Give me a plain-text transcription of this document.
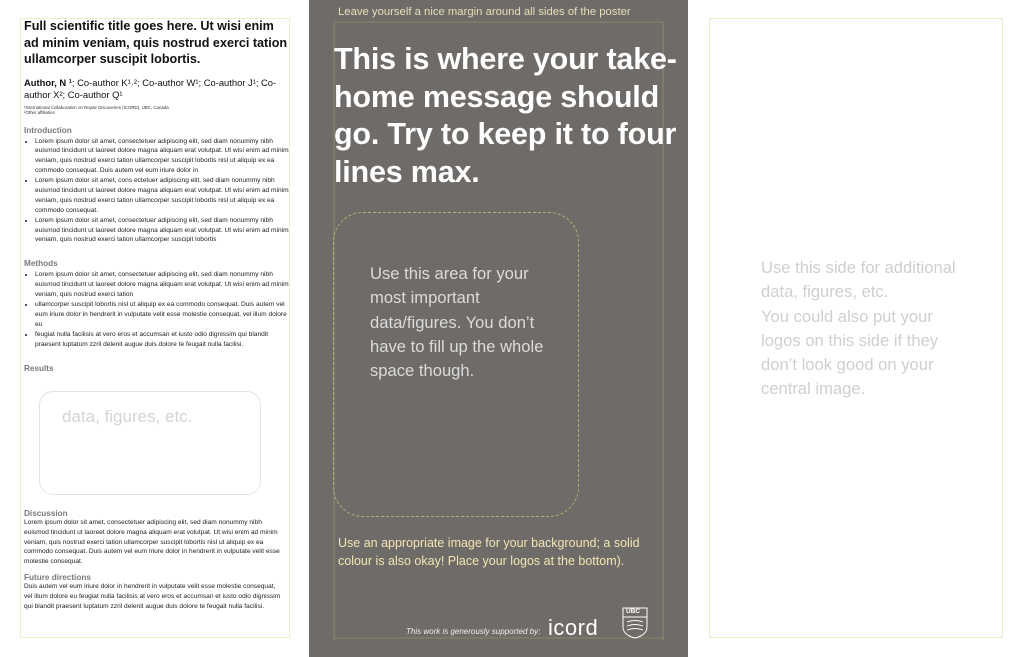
Full scientific title goes here. Ut wisi enim ad minim veniam, quis nostrud exerci tation ullamcorper suscipit lobortis.

Author, N ¹; Co-author K¹˒²; Co-author W¹; Co-author J¹; Co-author X²; Co-author Q¹
¹International Collaboration on Repair Discoveries (ICORD), UBC, Canada
²Other affiliation

Introduction

• Lorem ipsum dolor sit amet, consectetuer adipiscing elit, sed diam nonummy nibh euismod tincidunt ut laoreet dolore magna aliquam erat volutpat. Ut wisi enim ad minim veniam, quis nostrud exerci tation ullamcorper suscipit lobortis nisl ut aliquip ex ea commodo consequat. Duis autem vel eum iriure dolor in
• Lorem ipsum dolor sit amet, cons ectetuer adipiscing elit, sed diam nonummy nibh euismod tincidunt ut laoreet dolore magna aliquam erat volutpat. Ut wisi enim ad minim veniam, quis nostrud exerci tation ullamcorper suscipit lobortis nisl ut aliquip ex ea commodo consequat.
• Lorem ipsum dolor sit amet, consectetuer adipiscing elit, sed diam nonummy nibh euismod tincidunt ut laoreet dolore magna aliquam erat volutpat. Ut wisi enim ad minim veniam, quis nostrud exerci tation ullamcorper suscipit lobortis

Methods

• Lorem ipsum dolor sit amet, consectetuer adipiscing elit, sed diam nonummy nibh euismod tincidunt ut laoreet dolore magna aliquam erat volutpat. Ut wisi enim ad minim veniam, quis nostrud exerci tation
• ullamcorper suscipit lobortis nisl ut aliquip ex ea commodo consequat. Duis autem vel eum iriure dolor in hendrerit in vulputate velit esse molestie consequat, vel illum dolore eu
• feugiat nulla facilisis at vero eros et accumsan et iusto odio dignissim qui blandit praesent luptatum zzril delenit augue duis dolore te feugait nulla facilisi.

Results

data, figures, etc.

Discussion

Lorem ipsum dolor sit amet, consectetuer adipiscing elit, sed diam nonummy nibh euismod tincidunt ut laoreet dolore magna aliquam erat volutpat. Ut wisi enim ad minim veniam, quis nostrud exerci tation ullamcorper suscipit lobortis nisl ut aliquip ex ea commodo consequat. Duis autem vel eum iriure dolor in hendrerit in vulputate velit esse molestie consequat.

Future directions

Duis autem vel eum iriure dolor in hendrerit in vulputate velit esse molestie consequat, vel illum dolore eu feugiat nulla facilisis at vero eros et accumsan et iusto odio dignissim qui blandit praesent luptatum zzril delenit augue duis dolore te feugait nulla facilisi.
Leave yourself a nice margin around all sides of the poster

This is where your take-home message should go. Try to keep it to four lines max.

Use this area for your most important data/figures. You don’t have to fill up the whole space though.
Use an appropriate image for your background; a solid colour is also okay! Place your logos at the bottom).
This work is generously supported by: icord
UBC
Use this side for additional data, figures, etc.
You could also put your logos on this side if they don’t look good on your central image.
